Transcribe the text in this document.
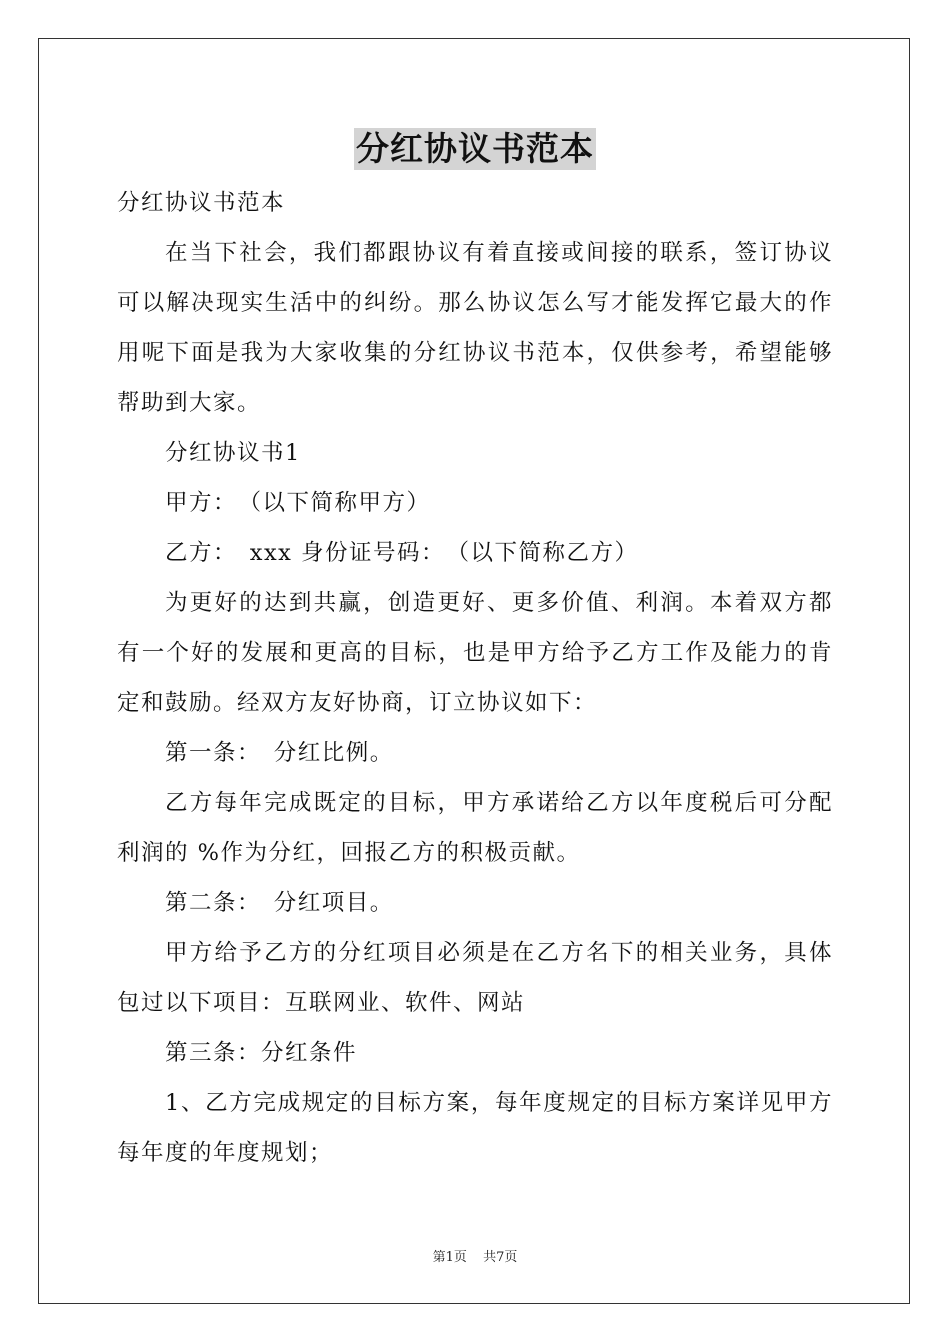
分红协议书范本

分红协议书范本

在当下社会，我们都跟协议有着直接或间接的联系，签订协议可以解决现实生活中的纠纷。那么协议怎么写才能发挥它最大的作用呢下面是我为大家收集的分红协议书范本，仅供参考，希望能够帮助到大家。

分红协议书1

甲方：　（以下简称甲方）

乙方：　xxx 身份证号码：　（以下简称乙方）

为更好的达到共赢，创造更好、更多价值、利润。本着双方都有一个好的发展和更高的目标，也是甲方给予乙方工作及能力的肯定和鼓励。经双方友好协商，订立协议如下：

第一条：　分红比例。

乙方每年完成既定的目标，甲方承诺给乙方以年度税后可分配利润的 %作为分红，回报乙方的积极贡献。

第二条：　分红项目。

甲方给予乙方的分红项目必须是在乙方名下的相关业务，具体包过以下项目：互联网业、软件、网站

第三条：分红条件

1、乙方完成规定的目标方案，每年度规定的目标方案详见甲方每年度的年度规划；

第1页 共7页
